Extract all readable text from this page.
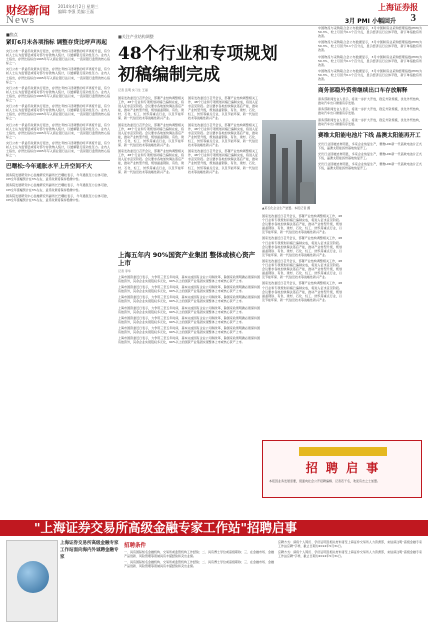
财经新闻
News
2014年4月2日 星期三
编辑:李强 美编:王磊	上海证券报
3
■焦点
紧盯6月末各项指标 调整存贷比呼声再起
央行公布一季货币政策执行报告，存贷比考核口径调整的呼声再度升温，有分析人士认为监管层或将对部分存款纳入统计，以缓解银行流动性压力。业内人士指出，存贷比指标自1995年写入商业银行法以来，一直是银行监管的核心指标之一。
央行公布一季货币政策执行报告，存贷比考核口径调整的呼声再度升温，有分析人士认为监管层或将对部分存款纳入统计，以缓解银行流动性压力。业内人士指出，存贷比指标自1995年写入商业银行法以来，一直是银行监管的核心指标之一。
央行公布一季货币政策执行报告，存贷比考核口径调整的呼声再度升温，有分析人士认为监管层或将对部分存款纳入统计，以缓解银行流动性压力。业内人士指出，存贷比指标自1995年写入商业银行法以来，一直是银行监管的核心指标之一。
央行公布一季货币政策执行报告，存贷比考核口径调整的呼声再度升温，有分析人士认为监管层或将对部分存款纳入统计，以缓解银行流动性压力。业内人士指出，存贷比指标自1995年写入商业银行法以来，一直是银行监管的核心指标之一。
央行公布一季货币政策执行报告，存贷比考核口径调整的呼声再度升温，有分析人士认为监管层或将对部分存款纳入统计，以缓解银行流动性压力。业内人士指出，存贷比指标自1995年写入商业银行法以来，一直是银行监管的核心指标之一。
央行公布一季货币政策执行报告，存贷比考核口径调整的呼声再度升温，有分析人士认为监管层或将对部分存款纳入统计，以缓解银行流动性压力。业内人士指出，存贷比指标自1995年写入商业银行法以来，一直是银行监管的核心指标之一。
巴曙松:今年通胀水平上升空间不大
国务院发展研究中心金融研究所副所长巴曙松表示，今年通胀压力总体可控，CPI全年涨幅预计在3%左右，货币政策将保持稳健中性。
国务院发展研究中心金融研究所副所长巴曙松表示，今年通胀压力总体可控，CPI全年涨幅预计在3%左右，货币政策将保持稳健中性。
国务院发展研究中心金融研究所副所长巴曙松表示，今年通胀压力总体可控，CPI全年涨幅预计在3%左右，货币政策将保持稳健中性。
■关注产业结构调整
48个行业和专项规划
初稿编制完成
记者 张明 实习生 王丽
国家发改委近日召开会议，部署产业结构调整相关工作，48个行业和专项规划初稿已编制完成，将进入征求意见阶段。会议要求各地加快淘汰落后产能，推动产业转型升级，规划涵盖钢铁、有色、建材、石化、轻工、纺织等重点行业，以及节能环保、新一代信息技术等战略性新兴产业。
国家发改委近日召开会议，部署产业结构调整相关工作，48个行业和专项规划初稿已编制完成，将进入征求意见阶段。会议要求各地加快淘汰落后产能，推动产业转型升级，规划涵盖钢铁、有色、建材、石化、轻工、纺织等重点行业，以及节能环保、新一代信息技术等战略性新兴产业。
国家发改委近日召开会议，部署产业结构调整相关工作，48个行业和专项规划初稿已编制完成，将进入征求意见阶段。会议要求各地加快淘汰落后产能，推动产业转型升级，规划涵盖钢铁、有色、建材、石化、轻工、纺织等重点行业，以及节能环保、新一代信息技术等战略性新兴产业。
国家发改委近日召开会议，部署产业结构调整相关工作，48个行业和专项规划初稿已编制完成，将进入征求意见阶段。会议要求各地加快淘汰落后产能，推动产业转型升级，规划涵盖钢铁、有色、建材、石化、轻工、纺织等重点行业，以及节能环保、新一代信息技术等战略性新兴产业。
国家发改委近日召开会议，部署产业结构调整相关工作，48个行业和专项规划初稿已编制完成，将进入征求意见阶段。会议要求各地加快淘汰落后产能，推动产业转型升级，规划涵盖钢铁、有色、建材、石化、轻工、纺织等重点行业，以及节能环保、新一代信息技术等战略性新兴产业。
国家发改委近日召开会议，部署产业结构调整相关工作，48个行业和专项规划初稿已编制完成，将进入征求意见阶段。会议要求各地加快淘汰落后产能，推动产业转型升级，规划涵盖钢铁、有色、建材、石化、轻工、纺织等重点行业，以及节能环保、新一代信息技术等战略性新兴产业。
▲某石化企业生产装置。本报记者 摄
上海五年内 90%国资产业集团 整体或核心资产上市
记者 李华
上海市国资委近日表示，力争用三至五年时间，基本完成国有企业公司制改革，除国家政策明确必须保持国有独资外，其余企业实现股权多元化，90%以上的国资产业集团实现整体上市或核心资产上市。
上海市国资委近日表示，力争用三至五年时间，基本完成国有企业公司制改革，除国家政策明确必须保持国有独资外，其余企业实现股权多元化，90%以上的国资产业集团实现整体上市或核心资产上市。
上海市国资委近日表示，力争用三至五年时间，基本完成国有企业公司制改革，除国家政策明确必须保持国有独资外，其余企业实现股权多元化，90%以上的国资产业集团实现整体上市或核心资产上市。
上海市国资委近日表示，力争用三至五年时间，基本完成国有企业公司制改革，除国家政策明确必须保持国有独资外，其余企业实现股权多元化，90%以上的国资产业集团实现整体上市或核心资产上市。
上海市国资委近日表示，力争用三至五年时间，基本完成国有企业公司制改革，除国家政策明确必须保持国有独资外，其余企业实现股权多元化，90%以上的国资产业集团实现整体上市或核心资产上市。
上海市国资委近日表示，力争用三至五年时间，基本完成国有企业公司制改革，除国家政策明确必须保持国有独资外，其余企业实现股权多元化，90%以上的国资产业集团实现整体上市或核心资产上市。
上海市国资委近日表示，力争用三至五年时间，基本完成国有企业公司制改革，除国家政策明确必须保持国有独资外，其余企业实现股权多元化，90%以上的国资产业集团实现整体上市或核心资产上市。
国家发改委近日召开会议，部署产业结构调整相关工作，48个行业和专项规划初稿已编制完成，将进入征求意见阶段。会议要求各地加快淘汰落后产能，推动产业转型升级，规划涵盖钢铁、有色、建材、石化、轻工、纺织等重点行业，以及节能环保、新一代信息技术等战略性新兴产业。
国家发改委近日召开会议，部署产业结构调整相关工作，48个行业和专项规划初稿已编制完成，将进入征求意见阶段。会议要求各地加快淘汰落后产能，推动产业转型升级，规划涵盖钢铁、有色、建材、石化、轻工、纺织等重点行业，以及节能环保、新一代信息技术等战略性新兴产业。
国家发改委近日召开会议，部署产业结构调整相关工作，48个行业和专项规划初稿已编制完成，将进入征求意见阶段。会议要求各地加快淘汰落后产能，推动产业转型升级，规划涵盖钢铁、有色、建材、石化、轻工、纺织等重点行业，以及节能环保、新一代信息技术等战略性新兴产业。
国家发改委近日召开会议，部署产业结构调整相关工作，48个行业和专项规划初稿已编制完成，将进入征求意见阶段。会议要求各地加快淘汰落后产能，推动产业转型升级，规划涵盖钢铁、有色、建材、石化、轻工、纺织等重点行业，以及节能环保、新一代信息技术等战略性新兴产业。
3月 PMI 小幅回升
中国物流与采购联合会公布数据显示，3月中国制造业采购经理指数(PMI)为50.3%，较上月回升0.1个百分点，显示经济运行总体平稳，新订单指数有所改善。
中国物流与采购联合会公布数据显示，3月中国制造业采购经理指数(PMI)为50.3%，较上月回升0.1个百分点，显示经济运行总体平稳，新订单指数有所改善。
中国物流与采购联合会公布数据显示，3月中国制造业采购经理指数(PMI)为50.3%，较上月回升0.1个百分点，显示经济运行总体平稳，新订单指数有所改善。
中国物流与采购联合会公布数据显示，3月中国制造业采购经理指数(PMI)为50.3%，较上月回升0.1个百分点，显示经济运行总体平稳，新订单指数有所改善。
商务部稳外资将继续出口车存放解释
商务部新闻发言人表示，将进一步扩大开放，稳定外资规模，优化外贸结构，推动汽车出口健康有序发展。
商务部新闻发言人表示，将进一步扩大开放，稳定外资规模，优化外贸结构，推动汽车出口健康有序发展。
商务部新闻发言人表示，将进一步扩大开放，稳定外资规模，优化外贸结构，推动汽车出口健康有序发展。
赛维太阳能电池片下线 晶澳太阳能再开工
光伏行业回暖迹象明显，多家企业恢复生产，赛维LDK新一代高效电池片正式下线，晶澳太阳能扬州基地恢复开工。
光伏行业回暖迹象明显，多家企业恢复生产，赛维LDK新一代高效电池片正式下线，晶澳太阳能扬州基地恢复开工。
光伏行业回暖迹象明显，多家企业恢复生产，赛维LDK新一代高效电池片正式下线，晶澳太阳能扬州基地恢复开工。
招 聘 启 事
本报因业务发展需要，现面向社会公开招聘编辑、记者若干名，欢迎有志之士加盟。
"上海证券交易所高级金融专家工作站"招聘启事
上海证券交易所高级金融专家工作站面向海内外诚聘金融专家
招聘条件
一、具有国际知名金融机构、交易所或监管机构工作经验；二、具有博士学位或高级职称；三、在金融市场、金融产品创新、风险管理等领域具有丰富经验和突出业绩。
一、具有国际知名金融机构、交易所或监管机构工作经验；二、具有博士学位或高级职称；三、在金融市场、金融产品创新、风险管理等领域具有丰富经验和突出业绩。
应聘方式：请将个人简历、学历证明及相关材料寄至上海证券交易所人力资源部，来信请注明“高级金融专家工作站应聘”字样，截止日期为2014年5月31日。
应聘方式：请将个人简历、学历证明及相关材料寄至上海证券交易所人力资源部，来信请注明“高级金融专家工作站应聘”字样，截止日期为2014年5月31日。
